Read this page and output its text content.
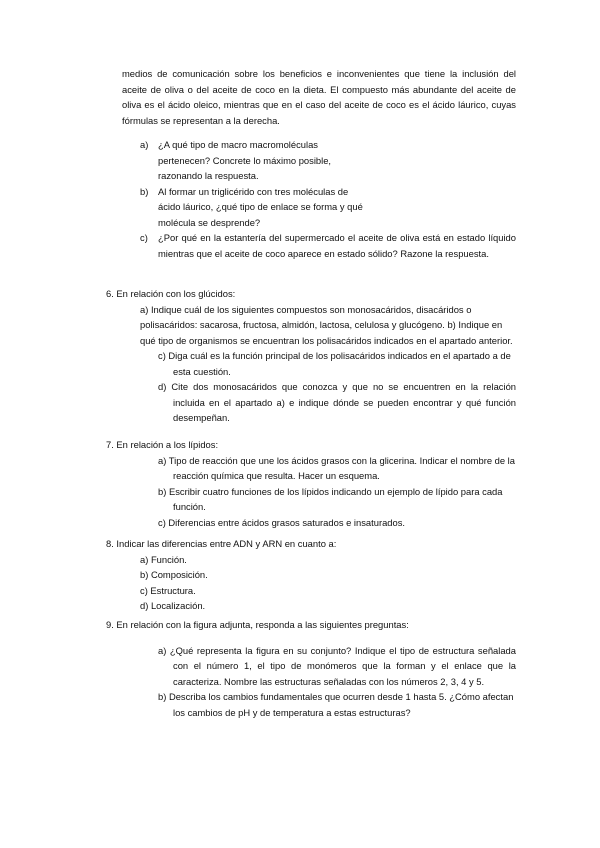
medios de comunicación sobre los beneficios e inconvenientes que tiene la inclusión del aceite de oliva o del aceite de coco en la dieta. El compuesto más abundante del aceite de oliva es el ácido oleico, mientras que en el caso del aceite de coco es el ácido láurico, cuyas fórmulas se representan a la derecha.

a)	¿A qué tipo de macro macromoléculas pertenecen? Concrete lo máximo posible, razonando la respuesta.
b)	Al formar un triglicérido con tres moléculas de ácido láurico, ¿qué tipo de enlace se forma y qué molécula se desprende?
c)	¿Por qué en la estantería del supermercado el aceite de oliva está en estado líquido mientras que el aceite de coco aparece en estado sólido? Razone la respuesta.

6. En relación con los glúcidos:

a) Indique cuál de los siguientes compuestos son monosacáridos, disacáridos o polisacáridos: sacarosa, fructosa, almidón, lactosa, celulosa y glucógeno. b) Indique en qué tipo de organismos se encuentran los polisacáridos indicados en el apartado anterior.
c) Diga cuál es la función principal de los polisacáridos indicados en el apartado a de esta cuestión.
d) Cite dos monosacáridos que conozca y que no se encuentren en la relación incluida en el apartado a) e indique dónde se pueden encontrar y qué función desempeñan.

7. En relación a los lípidos:

a) Tipo de reacción que une los ácidos grasos con la glicerina. Indicar el nombre de la reacción química que resulta. Hacer un esquema.
b) Escribir cuatro funciones de los lípidos indicando un ejemplo de lípido para cada función.
c) Diferencias entre ácidos grasos saturados e insaturados.

8. Indicar las diferencias entre ADN y ARN en cuanto a:

a) Función.
b) Composición.
c) Estructura.
d) Localización.

9. En relación con la figura adjunta, responda a las siguientes preguntas:

a) ¿Qué representa la figura en su conjunto? Indique el tipo de estructura señalada con el número 1, el tipo de monómeros que la forman y el enlace que la caracteriza. Nombre las estructuras señaladas con los números 2, 3, 4 y 5.
b) Describa los cambios fundamentales que ocurren desde 1 hasta 5. ¿Cómo afectan los cambios de pH y de temperatura a estas estructuras?
